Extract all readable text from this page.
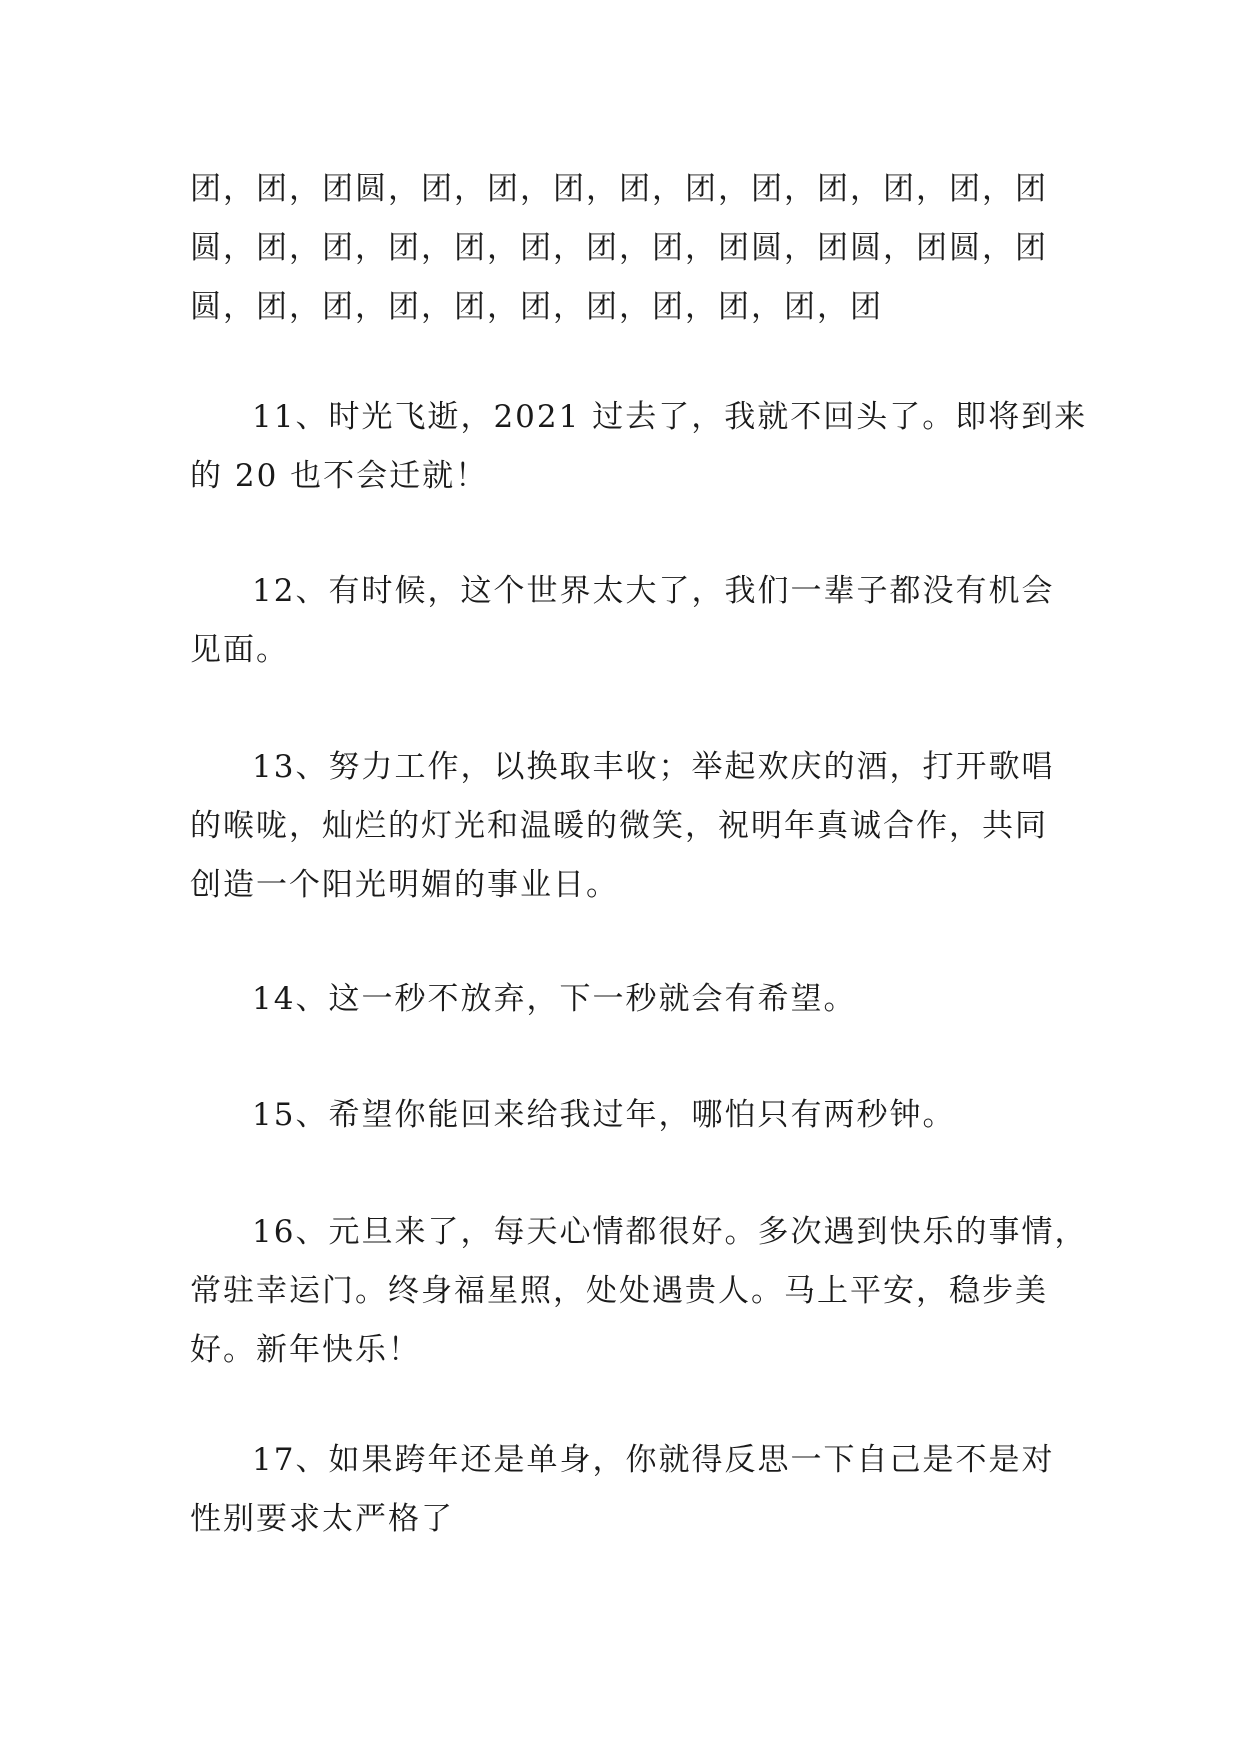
团，团，团圆，团，团，团，团，团，团，团，团，团，团
圆，团，团，团，团，团，团，团，团圆，团圆，团圆，团
圆，团，团，团，团，团，团，团，团，团，团

11、时光飞逝，2021 过去了，我就不回头了。即将到来
的 20 也不会迁就！

12、有时候，这个世界太大了，我们一辈子都没有机会
见面。

13、努力工作，以换取丰收；举起欢庆的酒，打开歌唱
的喉咙，灿烂的灯光和温暖的微笑，祝明年真诚合作，共同
创造一个阳光明媚的事业日。

14、这一秒不放弃，下一秒就会有希望。

15、希望你能回来给我过年，哪怕只有两秒钟。

16、元旦来了，每天心情都很好。多次遇到快乐的事情，
常驻幸运门。终身福星照，处处遇贵人。马上平安，稳步美
好。新年快乐！

17、如果跨年还是单身，你就得反思一下自己是不是对
性别要求太严格了
